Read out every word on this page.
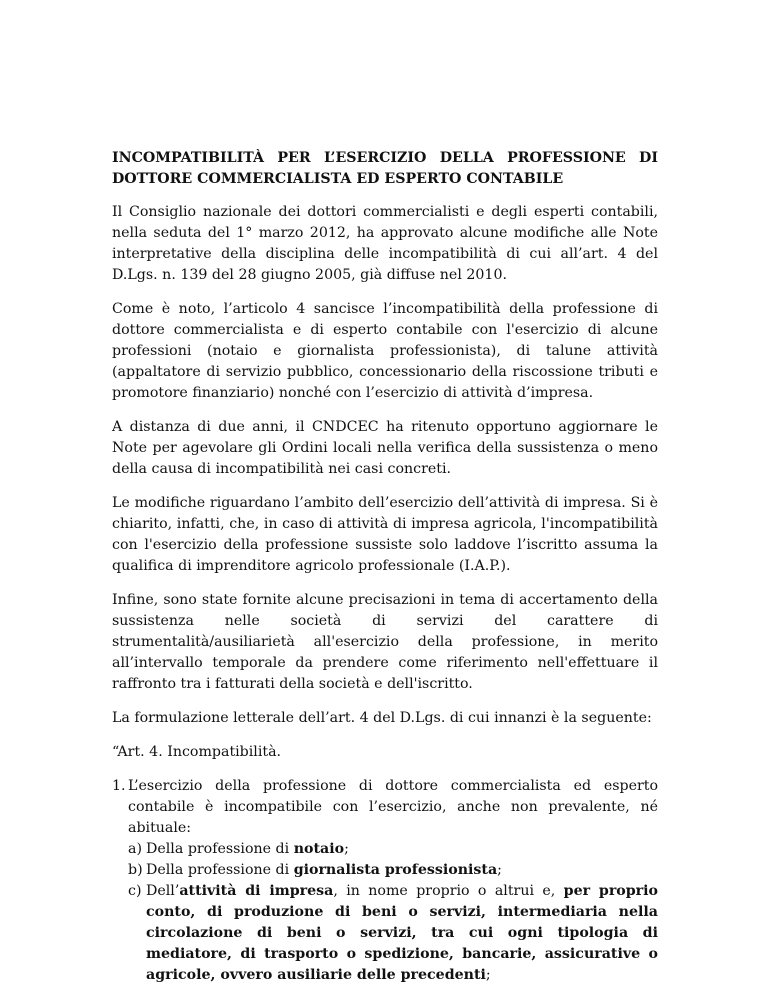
INCOMPATIBILITÀ PER L’ESERCIZIO DELLA PROFESSIONE DI
DOTTORE COMMERCIALISTA ED ESPERTO CONTABILE

Il Consiglio nazionale dei dottori commercialisti e degli esperti contabili, nella seduta del 1° marzo 2012, ha approvato alcune modifiche alle Note interpretative della disciplina delle incompatibilità di cui all’art. 4 del D.Lgs. n. 139 del 28 giugno 2005, già diffuse nel 2010.

Come è noto, l’articolo 4 sancisce l’incompatibilità della professione di dottore commercialista e di esperto contabile con l'esercizio di alcune professioni (notaio e giornalista professionista), di talune attività (appaltatore di servizio pubblico, concessionario della riscossione tributi e promotore finanziario) nonché con l’esercizio di attività d’impresa.

A distanza di due anni, il CNDCEC ha ritenuto opportuno aggiornare le Note per agevolare gli Ordini locali nella verifica della sussistenza o meno della causa di incompatibilità nei casi concreti.

Le modifiche riguardano l’ambito dell’esercizio dell’attività di impresa. Si è chiarito, infatti, che, in caso di attività di impresa agricola, l'incompatibilità con l'esercizio della professione sussiste solo laddove l’iscritto assuma la qualifica di imprenditore agricolo professionale (I.A.P.).

Infine, sono state fornite alcune precisazioni in tema di accertamento della sussistenza nelle società di servizi del carattere di strumentalità/ausiliarietà all'esercizio della professione, in merito all’intervallo temporale da prendere come riferimento nell'effettuare il raffronto tra i fatturati della società e dell'iscritto.

La formulazione letterale dell’art. 4 del D.Lgs. di cui innanzi è la seguente:

“Art. 4. Incompatibilità.

1. L’esercizio della professione di dottore commercialista ed esperto contabile è incompatibile con l’esercizio, anche non prevalente, né abituale:
a) Della professione di notaio;
b) Della professione di giornalista professionista;
c) Dell’attività di impresa, in nome proprio o altrui e, per proprio conto, di produzione di beni o servizi, intermediaria nella circolazione di beni o servizi, tra cui ogni tipologia di mediatore, di trasporto o spedizione, bancarie, assicurative o agricole, ovvero ausiliarie delle precedenti;
